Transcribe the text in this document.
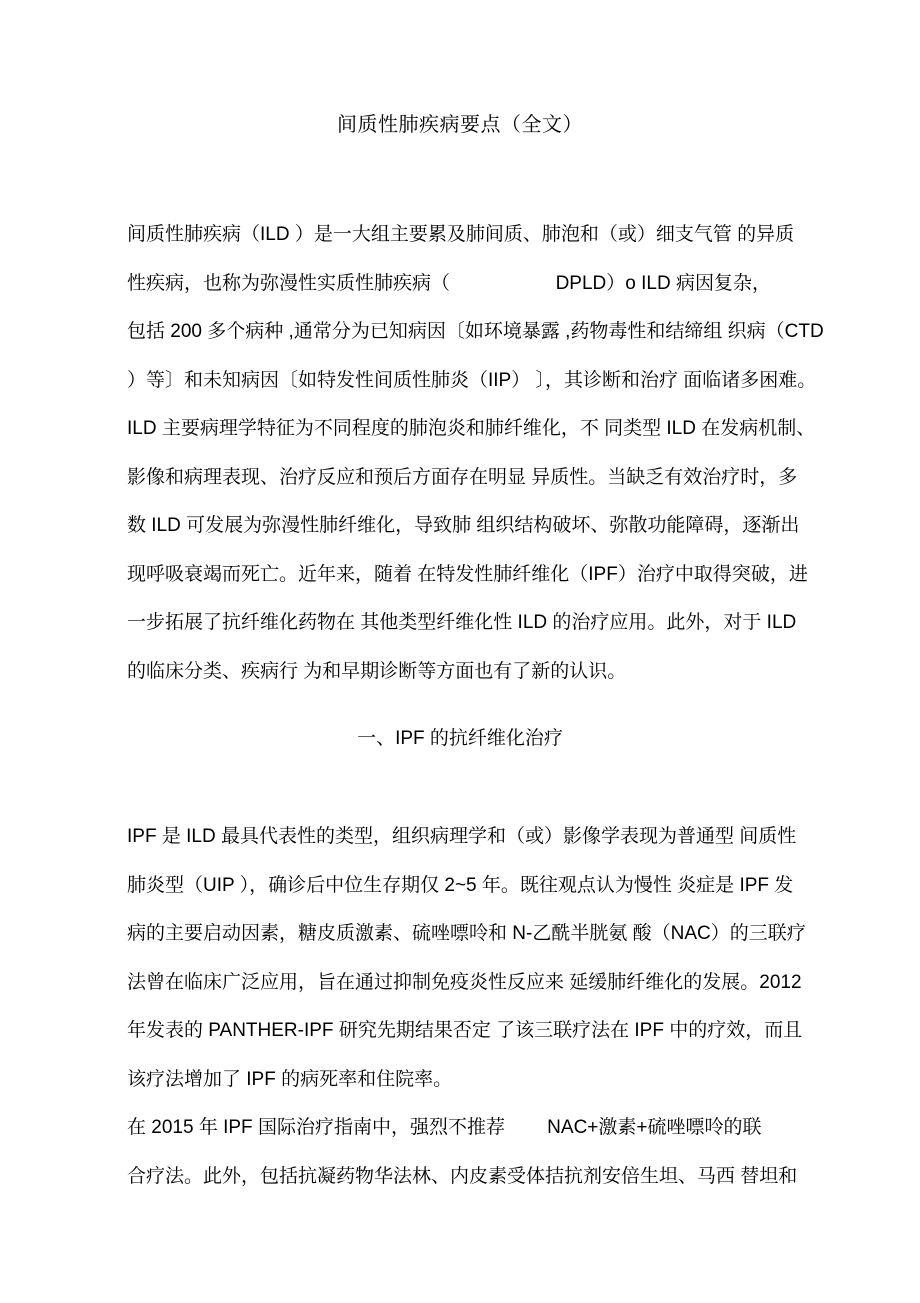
间质性肺疾病要点（全文）
间质性肺疾病（ILD ）是一大组主要累及肺间质、肺泡和（或）细支气管 的异质
性疾病，也称为弥漫性实质性肺疾病（                    DPLD）o ILD 病因复杂，
包括 200 多个病种 ,通常分为已知病因〔如环境暴露 ,药物毒性和结缔组 织病（CTD
）等〕和未知病因〔如特发性间质性肺炎（IIP） 〕，其诊断和治疗 面临诸多困难。
ILD 主要病理学特征为不同程度的肺泡炎和肺纤维化，不 同类型 ILD 在发病机制、
影像和病理表现、治疗反应和预后方面存在明显 异质性。当缺乏有效治疗时，多
数 ILD 可发展为弥漫性肺纤维化，导致肺 组织结构破坏、弥散功能障碍，逐渐出
现呼吸衰竭而死亡。近年来，随着 在特发性肺纤维化（IPF）治疗中取得突破，进
一步拓展了抗纤维化药物在 其他类型纤维化性 ILD 的治疗应用。此外，对于 ILD
的临床分类、疾病行 为和早期诊断等方面也有了新的认识。
一、IPF 的抗纤维化治疗
IPF 是 ILD 最具代表性的类型，组织病理学和（或）影像学表现为普通型 间质性
肺炎型（UIP ），确诊后中位生存期仅 2~5 年。既往观点认为慢性 炎症是 IPF 发
病的主要启动因素，糖皮质激素、硫唑嘌呤和 N-乙酰半胱氨 酸（NAC）的三联疗
法曾在临床广泛应用，旨在通过抑制免疫炎性反应来 延缓肺纤维化的发展。2012
年发表的 PANTHER-IPF 研究先期结果否定 了该三联疗法在 IPF 中的疗效，而且
该疗法增加了 IPF 的病死率和住院率。
在 2015 年 IPF 国际治疗指南中，强烈不推荐        NAC+激素+硫唑嘌呤的联
合疗法。此外，包括抗凝药物华法林、内皮素受体拮抗剂安倍生坦、马西 替坦和
